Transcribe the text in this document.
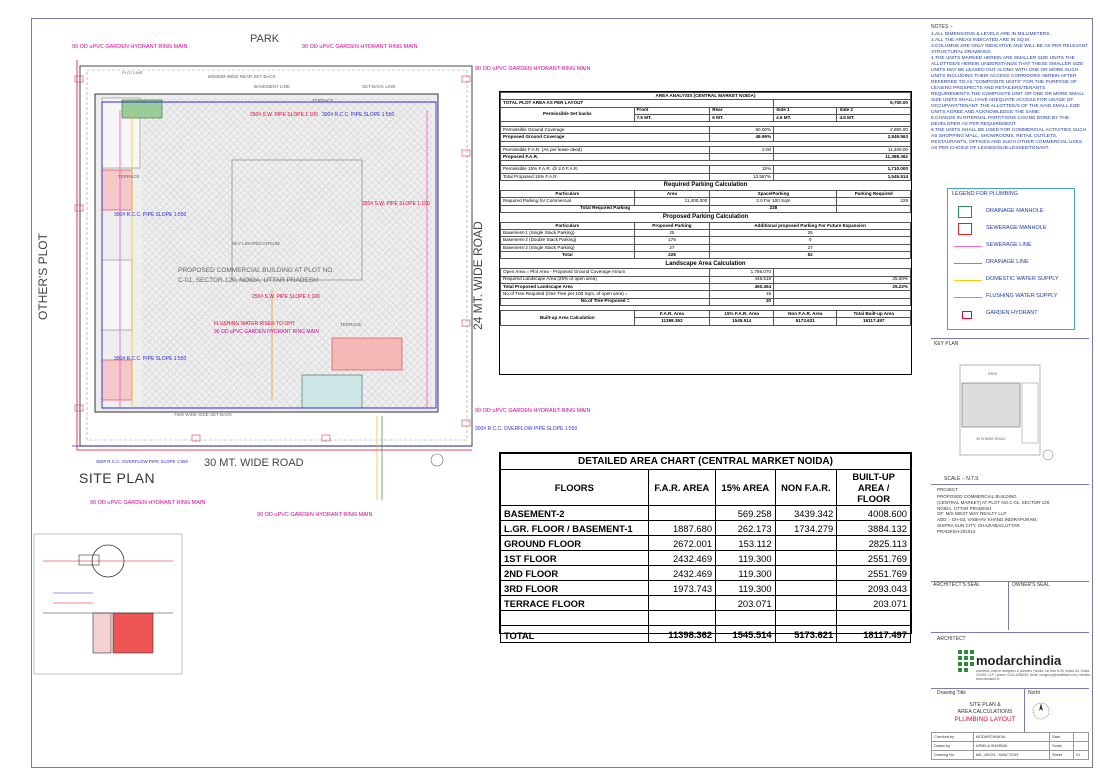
PARK
OTHER'S PLOT	24 MT. WIDE ROAD
30 MT. WIDE ROAD
90 OD uPVC GARDEN HYDRANT RING MAIN	90 OD uPVC GARDEN HYDRANT RING MAIN
90 OD uPVC GARDEN HYDRANT RING MAIN
90 OD uPVC GARDEN HYDRANT RING MAIN
90 OD uPVC GARDEN HYDRANT RING MAIN
90 OD uPVC GARDEN HYDRANT RING MAIN
PROPOSED COMMERCIAL BUILDING AT PLOT NO.
C-01, SECTOR-120, NOIDA, UTTAR PRADESH
SKY LIGHTED ATRIUM
PLOT LINE
6000MM WIDE REAR SET BACK
BASEMENT LINE	SET-BACK LINE
7500 WIDE SIDE SET BACK
TERRACE
TERRACE
TERRACE
250# S.W. PIPE SLOPE 1:100
250# S.W. PIPE SLOPE 1:100
250# S.W. PIPE SLOPE 1:100
300# R.C.C. PIPE SLOPE 1:550
300# R.C.C. PIPE SLOPE 1:550
300# R.C.C. PIPE SLOPE 1:550
FLUSHING WATER RISER TO OHT
90 OD uPVC GARDEN HYDRANT RING MAIN
300# R.C.C. OVERFLOW PIPE SLOPE 1:550
300# R.C.C. OVERFLOW PIPE SLOPE 1:550
SITE PLAN
AREA ANALYSIS (CENTRAL MARKET NOIDA)				
TOTAL PLOT AREA AS PER LAYOUT			5,700.00	
Permissible Set backs	Front	Rear	Side 1	Side 2
	7.5 MT.	6 MT.	4.5 MT.	4.5 MT.

Permissible Ground Coverage		50.00%	2,850.00	
Proposed Ground Coverage		49.99%	2,849.563	

Permissible F.A.R. (As per lease deed)		2.00	11,400.00	
Proposed F.A.R.			11,398.362	

Permissible 15% F.A.R. @ 2.0 F.A.R.		15%	1,710.000	
Total Proposed 15% F.A.R.		13.557%	1,545.514	
Required Parking Calculation				
Particulars	Area	Space/Parking		Parking Required
Required Parking for Commercial	11,400.000	2.0 For 100 Sqm		228
Total Required Parking		228		
Proposed Parking Calculation				
Particulars	Proposed Parking	Additional proposed Parking For Future Expansion		
Basement-1 (Single Stack Parking)	25	25		
Basement-2 (Double Stack Parking)	176	0		
Basement-2 (Single Stack Parking)	27	27		
Total	228	52		
Landscape Area Calculation				
Open Area = Plot Area - Proposed Ground Coverage-Atrium		1,786.070		
Required Landscape Area (25% of open area)		446.518	25.00%	
Total Proposed Landscape Area		450.464	25.22%	
No.of Tree Required (One Tree per 100 Sqm. of open area) =		18		
No.of Tree Proposed =		20		

Built-up Area Calculation	F.A.R. Area	15% F.A.R. Area	Non F.A.R. Area	Total Built-up Area
	11398.362	1545.514	5173.621	18117.497
DETAILED AREA CHART (CENTRAL MARKET NOIDA)				
FLOORS	F.A.R. AREA	15% AREA	NON F.A.R.	BUILT-UP AREA / FLOOR
BASEMENT-2		569.258	3439.342	4008.600
L.GR. FLOOR / BASEMENT-1	1887.680	262.173	1734.279	3884.132
GROUND FLOOR	2672.001	153.112		2825.113
1ST FLOOR	2432.469	119.300		2551.769
2ND FLOOR	2432.469	119.300		2551.769
3RD FLOOR	1973.743	119.300		2093.043
TERRACE FLOOR		203.071		203.071

TOTAL	11398.362	1545.514	5173.621	18117.497
NOTES :-
1.ALL DIMENSIONS & LEVELS ARE IN MILLIMETERS.
2.ALL THE AREAS INDICATED ARE IN SQ.M.
3.COLUMNS ARE ONLY INDICATIVE AND WILL BE AS PER RELEVANT STRUCTURAL DRAWINGS.
4.THE UNITS MARKED HEREIN ARE SMALLER SIZE UNITS THE ALLOTTEE/S HEREIN UNDERSTANDS THAT THESE SMALLER SIZE UNITS MAY BE LEASED OUT ALONG WITH ONE OR MORE SUCH UNITS INCLUDING THEIR ACCESS CORRIDORS HEREIN AFTER REFERRED TO AS "COMPOSITE UNITS" FOR THE PURPOSE OF LEASING PROSPECTS AND RETAILERS/TENANTS REQUIREMENTS.THE COMPOSITE UNIT OR ONE OR MORE SMALL SIZE UNITS SHALL HAVE ADEQUATE ACCESS FOR USAGE OF OCCUPANT/TENANT. THE ALLOTTEE/S OF THE SAID SMALL SIZE UNITS AGREE AND ACKNOWLEDGE THE SAME.
5.CHANGE IN INTERNAL PARTITIONS CAN BE DONE BY THE DEVELOPER AS PER REQUIREMENT.
6.THE UNITS SHALL BE USED FOR COMMERCIAL ACTIVITIES SUCH AS SHOPPING MALL, SHOWROOMS, RETAIL OUTLETS, RESTAURANTS, OFFICES AND SUCH OTHER COMMERCIAL USES AS PER CHOICE OF LESSEE/SUB-LESSEE/TENANT.
LEGEND FOR PLUMBING
DRAINAGE MANHOLE
SEWERAGE MANHOLE
SEWERAGE LINE
DRAINAGE LINE
DOMESTIC WATER SUPPLY
FLUSHING WATER SUPPLY
GARDEN HYDRANT
KEY PLAN
PARK
30 M WIDE ROAD
SCALE :- N.T.S
PROJECT
PROPOSED COMMERCIAL BUILDING
(CENTRAL MARKET) AT PLOT NO.C-01, SECTOR-120,
NOIDA, UTTAR PRADESH
OF: M/S WEST WAY REALTY LLP
ADD :- GH-03, VAIBHAV KHAND,INDIRAPURAM,
SHIPRA SUN CITY, GHAZIABAD,UTTAR
PRADESH-201014
ARCHITECT'S SEAL	OWNER'S SEAL
ARCHITECT
modarchindia
architects, interior designers & planners | studio: 1st floor B-96, sector-63, Noida-201301, U.P. | phone: 0120-4286253, email: modgroup@rediffmail.com | website: www.modarch.in
Drawing Title	North
SITE PLAN &
AREA CALCULATIONS
PLUMBING LAYOUT
Checked by	MODARCHINDIA	Date	
Drawn by	URMILA SHARMA	Scale	
Drawing No.	MA - ADCN - SANCTION	Sheet	01
